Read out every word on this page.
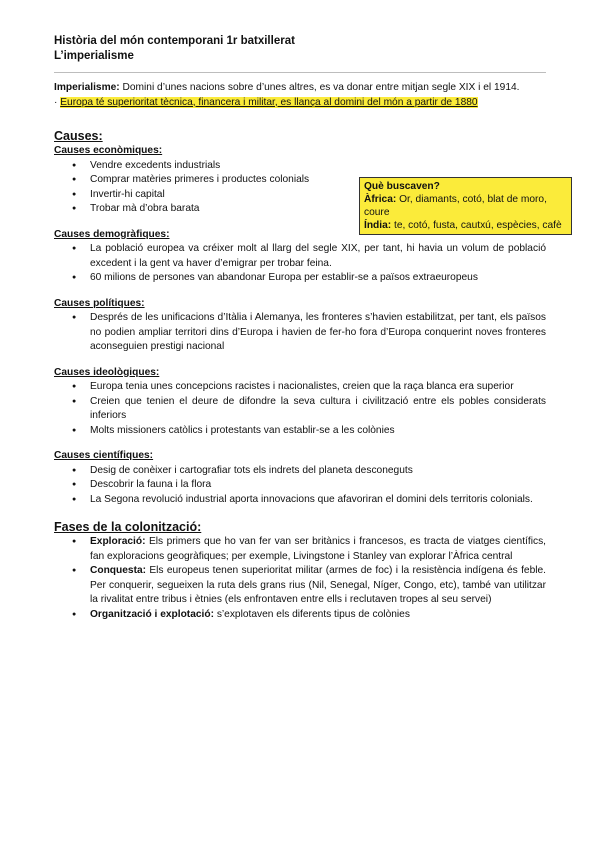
Història del món contemporani 1r batxillerat
L’imperialisme

Imperialisme: Domini d’unes nacions sobre d’unes altres, es va donar entre mitjan segle XIX i el 1914.

· Europa té superioritat tècnica, financera i militar, es llança al domini del món a partir de 1880

Causes:
Causes econòmiques:
● Vendre excedents industrials
● Comprar matèries primeres i productes colonials
● Invertir-hi capital
● Trobar mà d’obra barata
Causes demogràfiques:
● La població europea va créixer molt al llarg del segle XIX, per tant, hi havia un volum de població excedent i la gent va haver d’emigrar per trobar feina.
● 60 milions de persones van abandonar Europa per establir-se a països extraeuropeus
Causes polítiques:
● Després de les unificacions d’Itàlia i Alemanya, les fronteres s’havien estabilitzat, per tant, els països no podien ampliar territori dins d’Europa i havien de fer-ho fora d’Europa conquerint noves fronteres aconseguien prestigi nacional
Causes ideològiques:
● Europa tenia unes concepcions racistes i nacionalistes, creien que la raça blanca era superior
● Creien que tenien el deure de difondre la seva cultura i civilització entre els pobles considerats inferiors
● Molts missioners catòlics i protestants van establir-se a les colònies
Causes científiques:
● Desig de conèixer i cartografiar tots els indrets del planeta desconeguts
● Descobrir la fauna i la flora
● La Segona revolució industrial aporta innovacions que afavoriran el domini dels territoris colonials.
Fases de la colonització:
● Exploració: Els primers que ho van fer van ser britànics i francesos, es tracta de viatges científics, fan exploracions geogràfiques; per exemple, Livingstone i Stanley van explorar l’Àfrica central
● Conquesta: Els europeus tenen superioritat militar (armes de foc) i la resistència indígena és feble. Per conquerir, segueixen la ruta dels grans rius (Nil, Senegal, Níger, Congo, etc), també van utilitzar la rivalitat entre tribus i ètnies (els enfrontaven entre ells i reclutaven tropes al seu servei)
● Organització i explotació: s’explotaven els diferents tipus de colònies
Què buscaven?
Àfrica: Or, diamants, cotó, blat de moro, coure
Índia: te, cotó, fusta, cautxú, espècies, cafè
